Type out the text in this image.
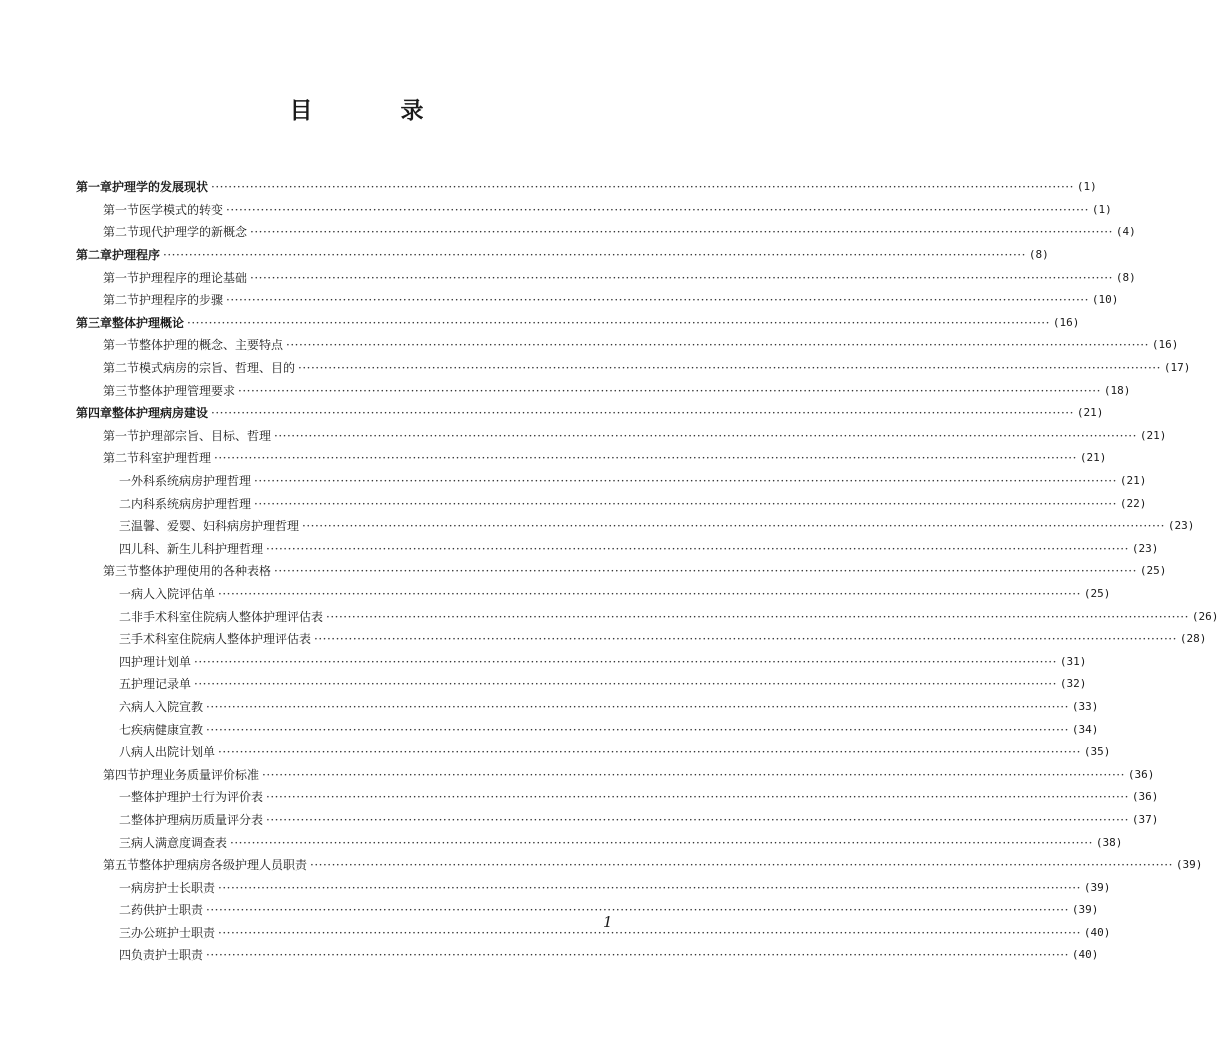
目 录
第一章 护理学的发展现状 ········································································································································································································ (1)
第一节 医学模式的转变 ········································································································································································································ (1)
第二节 现代护理学的新概念 ········································································································································································································ (4)
第二章 护理程序 ········································································································································································································ (8)
第一节 护理程序的理论基础 ········································································································································································································ (8)
第二节 护理程序的步骤 ········································································································································································································ (10)
第三章 整体护理概论 ········································································································································································································ (16)
第一节 整体护理的概念、主要特点 ········································································································································································································ (16)
第二节 模式病房的宗旨、哲理、目的 ········································································································································································································ (17)
第三节 整体护理管理要求 ········································································································································································································ (18)
第四章 整体护理病房建设 ········································································································································································································ (21)
第一节 护理部宗旨、目标、哲理 ········································································································································································································ (21)
第二节 科室护理哲理 ········································································································································································································ (21)
一 外科系统病房护理哲理 ········································································································································································································ (21)
二 内科系统病房护理哲理 ········································································································································································································ (22)
三 温馨、爱婴、妇科病房护理哲理 ········································································································································································································ (23)
四 儿科、新生儿科护理哲理 ········································································································································································································ (23)
第三节 整体护理使用的各种表格 ········································································································································································································ (25)
一 病人入院评估单 ········································································································································································································ (25)
二 非手术科室住院病人整体护理评估表 ········································································································································································································ (26)
三 手术科室住院病人整体护理评估表 ········································································································································································································ (28)
四 护理计划单 ········································································································································································································ (31)
五 护理记录单 ········································································································································································································ (32)
六 病人入院宣教 ········································································································································································································ (33)
七 疾病健康宣教 ········································································································································································································ (34)
八 病人出院计划单 ········································································································································································································ (35)
第四节 护理业务质量评价标准 ········································································································································································································ (36)
一 整体护理护士行为评价表 ········································································································································································································ (36)
二 整体护理病历质量评分表 ········································································································································································································ (37)
三 病人满意度调查表 ········································································································································································································ (38)
第五节 整体护理病房各级护理人员职责 ········································································································································································································ (39)
一 病房护士长职责 ········································································································································································································ (39)
二 药供护士职责 ········································································································································································································ (39)
三 办公班护士职责 ········································································································································································································ (40)
四 负责护士职责 ········································································································································································································ (40)
1
